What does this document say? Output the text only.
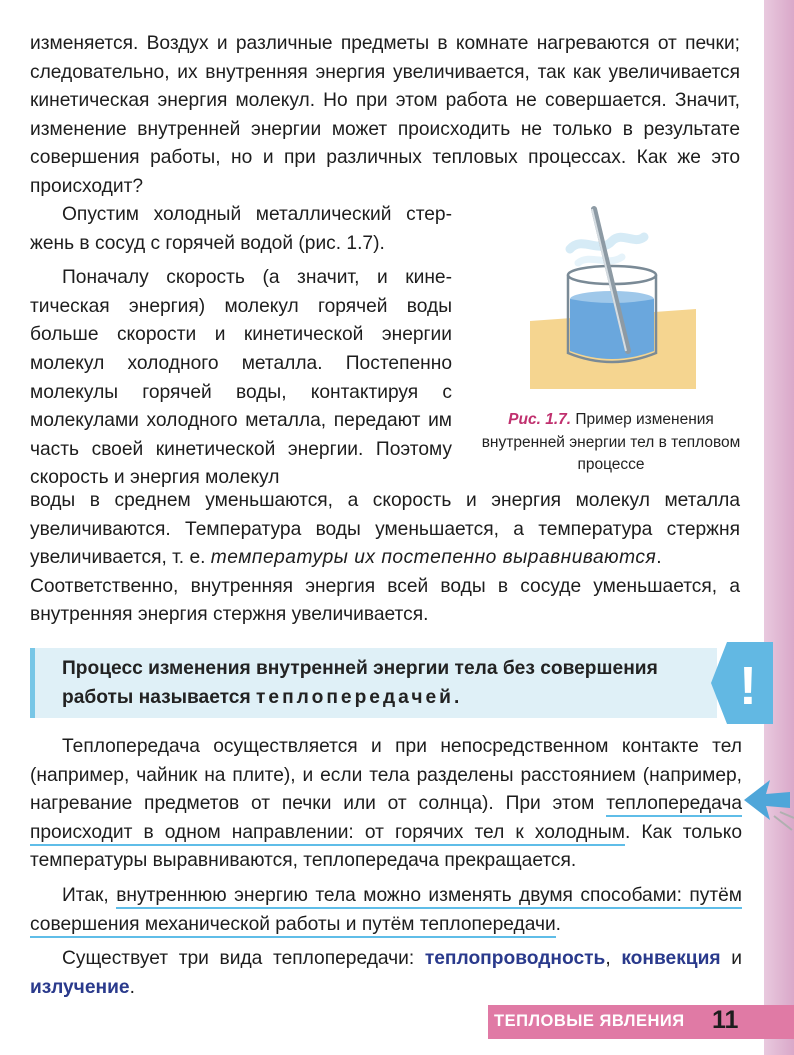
изменяется. Воздух и различные предметы в комнате нагреваются от печки; следовательно, их внутренняя энергия увеличивается, так как увеличивается кинетическая энергия молекул. Но при этом работа не совершается. Значит, изменение внутренней энергии может происходить не только в результате совершения работы, но и при различных тепловых процессах. Как же это происходит?

Опустим холодный металлический стержень в сосуд с горячей водой (рис. 1.7).

Поначалу скорость (а значит, и кинетическая энергия) молекул горячей воды больше скорости и кинетической энергии молекул холодного металла. Постепенно молекулы горячей воды, контактируя с молекулами холодного металла, передают им часть своей кинетической энергии. Поэтому скорость и энергия молекул

Рис. 1.7. Пример изменения внутренней энергии тел в тепловом процессе

воды в среднем уменьшаются, а скорость и энергия молекул металла увеличиваются. Температура воды уменьшается, а температура стержня увеличивается, т. е. температуры их постепенно выравниваются.

Соответственно, внутренняя энергия всей воды в сосуде уменьшается, а внутренняя энергия стержня увеличивается.

Процесс изменения внутренней энергии тела без совершения работы называется теплопередачей.	!

Теплопередача осуществляется и при непосредственном контакте тел (например, чайник на плите), и если тела разделены расстоянием (например, нагревание предметов от печки или от солнца). При этом теплопередача происходит в одном направлении: от горячих тел к холодным. Как только температуры выравниваются, теплопередача прекращается.

Итак, внутреннюю энергию тела можно изменять двумя способами: путём совершения механической работы и путём теплопередачи.

Существует три вида теплопередачи: теплопроводность, конвекция и излучение.

ТЕПЛОВЫЕ ЯВЛЕНИЯ 11
